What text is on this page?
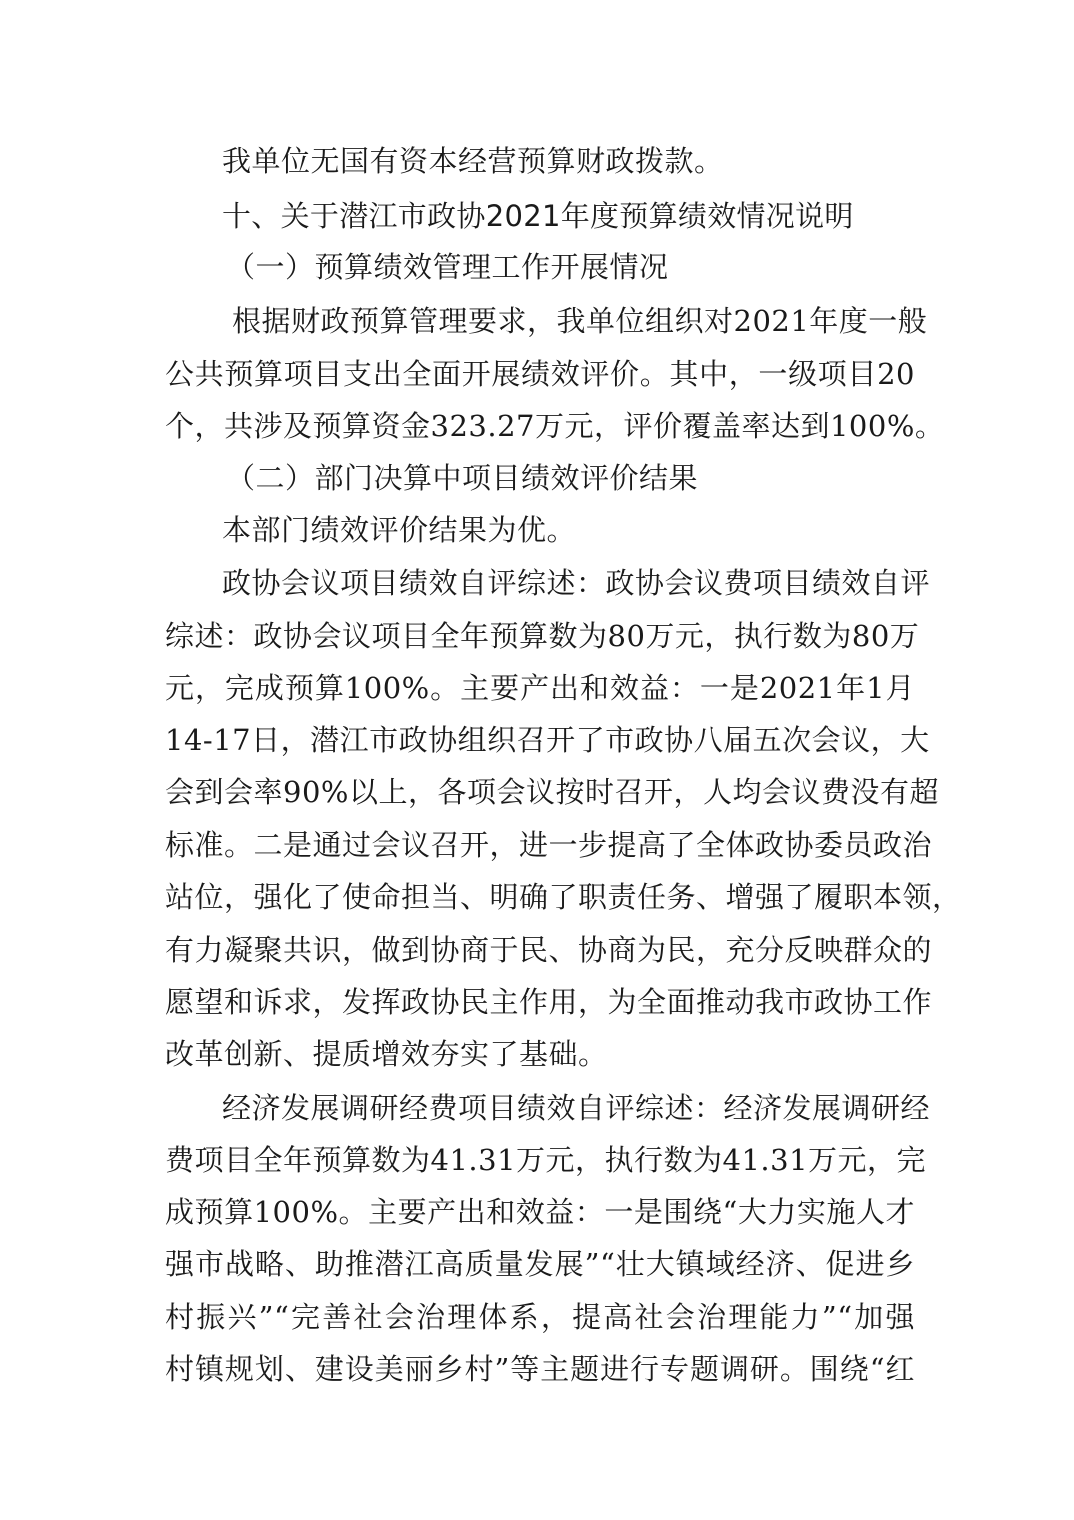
我单位无国有资本经营预算财政拨款。
十、关于潜江市政协2021年度预算绩效情况说明
（一）预算绩效管理工作开展情况
根据财政预算管理要求，我单位组织对2021年度一般
公共预算项目支出全面开展绩效评价。其中，一级项目20
个，共涉及预算资金323.27万元，评价覆盖率达到100%。
（二）部门决算中项目绩效评价结果
本部门绩效评价结果为优。
政协会议项目绩效自评综述：政协会议费项目绩效自评
综述：政协会议项目全年预算数为80万元，执行数为80万
元，完成预算100%。主要产出和效益：一是2021年1月
14-17日，潜江市政协组织召开了市政协八届五次会议，大
会到会率90%以上，各项会议按时召开，人均会议费没有超
标准。二是通过会议召开，进一步提高了全体政协委员政治
站位，强化了使命担当、明确了职责任务、增强了履职本领，
有力凝聚共识，做到协商于民、协商为民，充分反映群众的
愿望和诉求，发挥政协民主作用，为全面推动我市政协工作
改革创新、提质增效夯实了基础。
经济发展调研经费项目绩效自评综述：经济发展调研经
费项目全年预算数为41.31万元，执行数为41.31万元，完
成预算100%。主要产出和效益：一是围绕“大力实施人才
强市战略、助推潜江高质量发展”“壮大镇域经济、促进乡
村振兴”“完善社会治理体系，提高社会治理能力”“加强
村镇规划、建设美丽乡村”等主题进行专题调研。围绕“红
